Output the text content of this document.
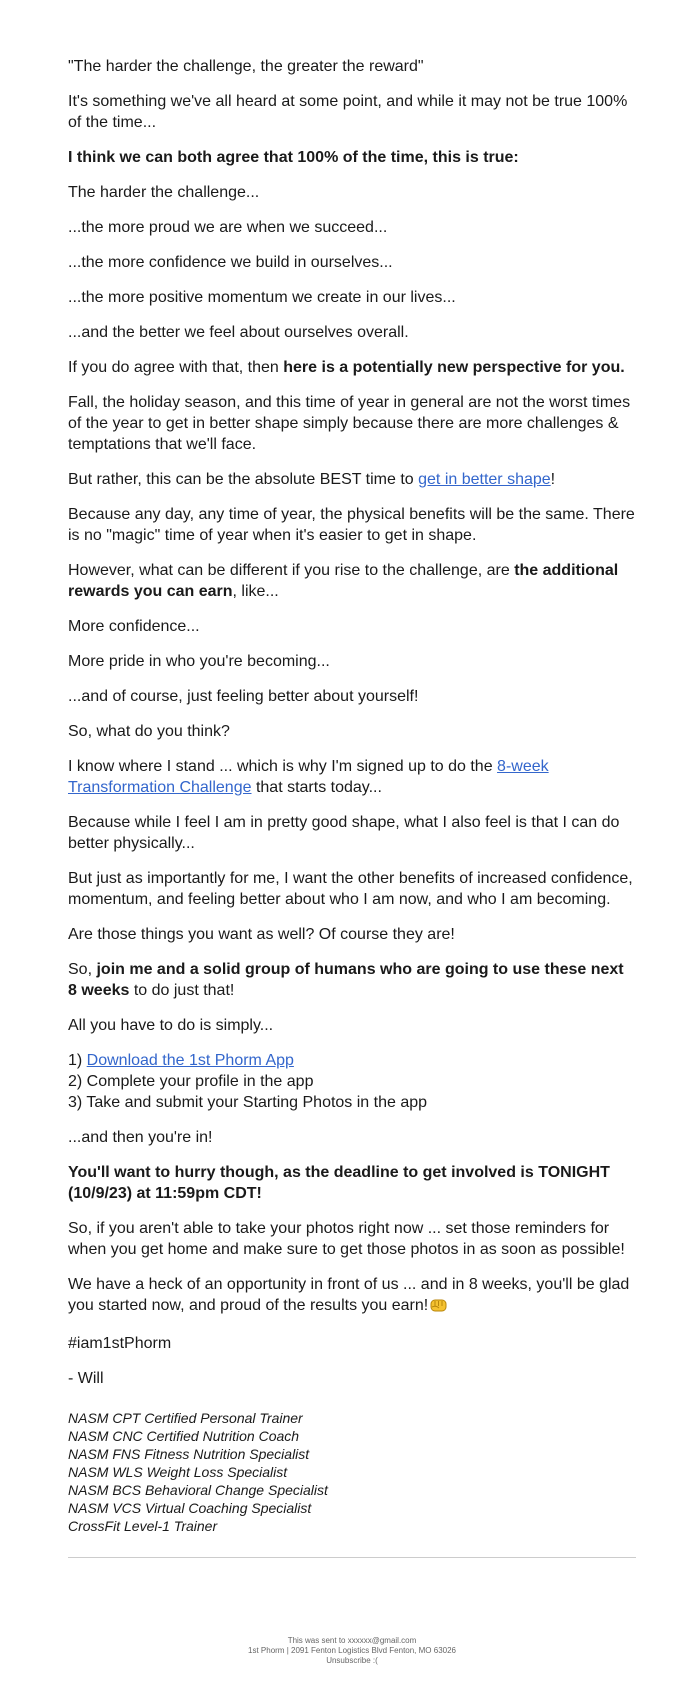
"The harder the challenge, the greater the reward"

It's something we've all heard at some point, and while it may not be true 100% of the time...

I think we can both agree that 100% of the time, this is true:

The harder the challenge...

...the more proud we are when we succeed...

...the more confidence we build in ourselves...

...the more positive momentum we create in our lives...

...and the better we feel about ourselves overall.

If you do agree with that, then here is a potentially new perspective for you.

Fall, the holiday season, and this time of year in general are not the worst times of the year to get in better shape simply because there are more challenges & temptations that we'll face.

But rather, this can be the absolute BEST time to get in better shape!

Because any day, any time of year, the physical benefits will be the same. There is no "magic" time of year when it's easier to get in shape.

However, what can be different if you rise to the challenge, are the additional rewards you can earn, like...

More confidence...

More pride in who you're becoming...

...and of course, just feeling better about yourself!

So, what do you think?

I know where I stand ... which is why I'm signed up to do the 8-week Transformation Challenge that starts today...

Because while I feel I am in pretty good shape, what I also feel is that I can do better physically...

But just as importantly for me, I want the other benefits of increased confidence, momentum, and feeling better about who I am now, and who I am becoming.

Are those things you want as well? Of course they are!

So, join me and a solid group of humans who are going to use these next 8 weeks to do just that!

All you have to do is simply...

1) Download the 1st Phorm App

2) Complete your profile in the app

3) Take and submit your Starting Photos in the app

...and then you're in!

You'll want to hurry though, as the deadline to get involved is TONIGHT (10/9/23) at 11:59pm CDT!

So, if you aren't able to take your photos right now ... set those reminders for when you get home and make sure to get those photos in as soon as possible!

We have a heck of an opportunity in front of us ... and in 8 weeks, you'll be glad you started now, and proud of the results you earn!

#iam1stPhorm

- Will

NASM CPT Certified Personal Trainer
NASM CNC Certified Nutrition Coach
NASM FNS Fitness Nutrition Specialist
NASM WLS Weight Loss Specialist
NASM BCS Behavioral Change Specialist
NASM VCS Virtual Coaching Specialist
CrossFit Level-1 Trainer
This was sent to xxxxxx@gmail.com
1st Phorm | 2091 Fenton Logistics Blvd Fenton, MO 63026
Unsubscribe :(
